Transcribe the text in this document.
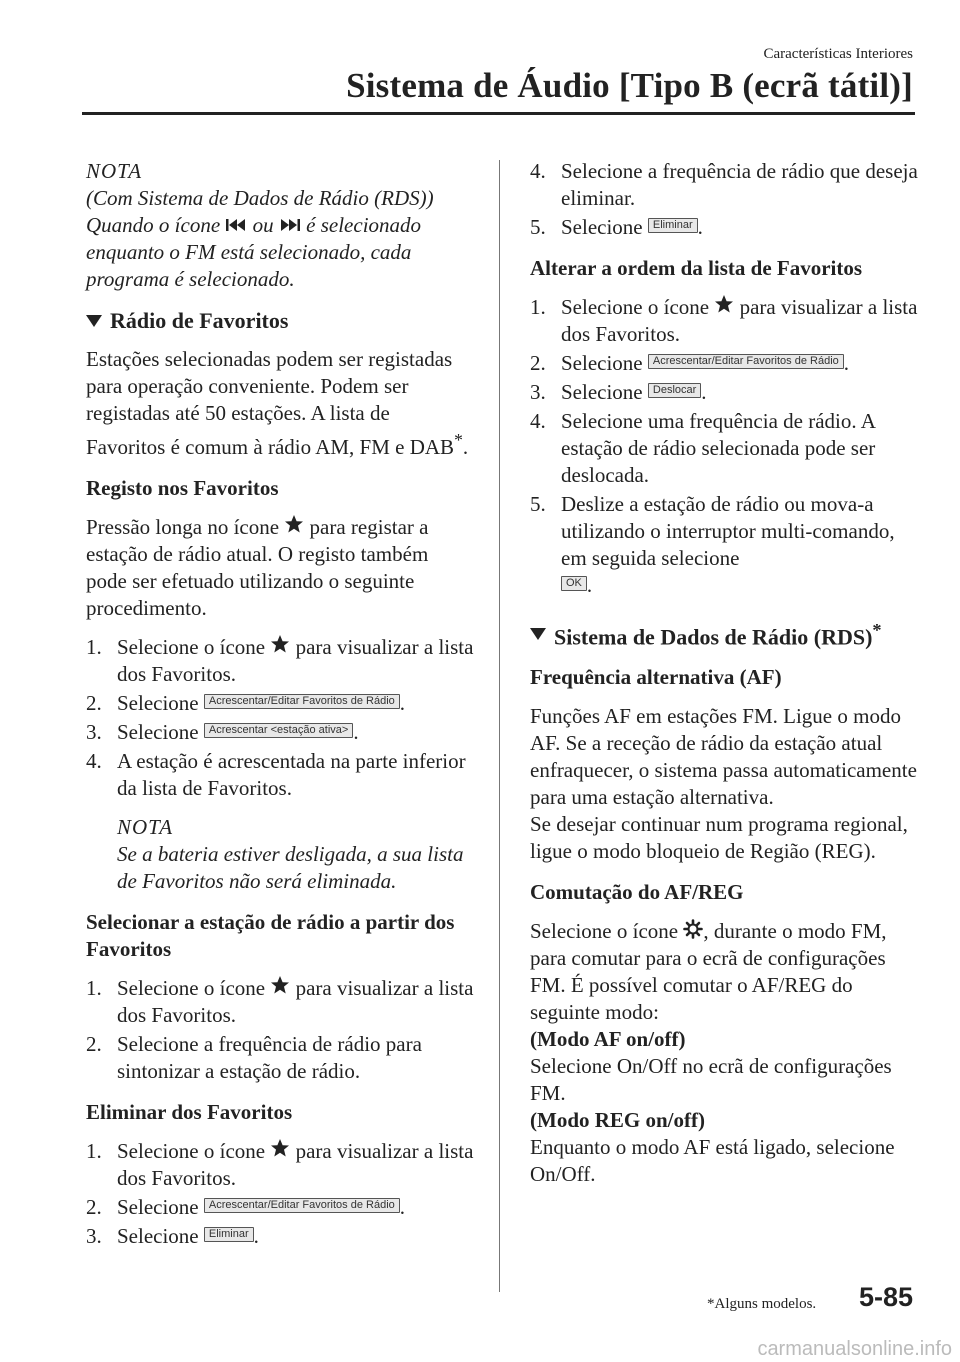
Características Interiores
Sistema de Áudio [Tipo B (ecrã tátil)]
NOTA
(Com Sistema de Dados de Rádio (RDS))
Quando o ícone ou é selecionado
enquanto o FM está selecionado, cada
programa é selecionado.
Rádio de Favoritos

Estações selecionadas podem ser registadas para operação conveniente. Podem ser registadas até 50 estações. A lista de Favoritos é comum à rádio AM, FM e DAB*.

Registo nos Favoritos

Pressão longa no ícone para registar a estação de rádio atual. O registo também pode ser efetuado utilizando o seguinte procedimento.

1. Selecione o ícone para visualizar a lista dos Favoritos.
2. Selecione Acrescentar/Editar Favoritos de Rádio .
3. Selecione Acrescentar <estação ativa> .
4. A estação é acrescentada na parte inferior da lista de Favoritos.
NOTA
Se a bateria estiver desligada, a sua lista de Favoritos não será eliminada.
Selecionar a estação de rádio a partir dos Favoritos
1. Selecione o ícone para visualizar a lista dos Favoritos.
2. Selecione a frequência de rádio para sintonizar a estação de rádio.
Eliminar dos Favoritos
1. Selecione o ícone para visualizar a lista dos Favoritos.
2. Selecione Acrescentar/Editar Favoritos de Rádio .
3. Selecione Eliminar .
4. Selecione a frequência de rádio que deseja eliminar.
5. Selecione Eliminar .
Alterar a ordem da lista de Favoritos
1. Selecione o ícone para visualizar a lista dos Favoritos.
2. Selecione Acrescentar/Editar Favoritos de Rádio .
3. Selecione Deslocar .
4. Selecione uma frequência de rádio. A estação de rádio selecionada pode ser deslocada.
5. Deslize a estação de rádio ou mova-a utilizando o interruptor multi-comando, em seguida selecione
OK .
Sistema de Dados de Rádio (RDS)*
Frequência alternativa (AF)
Funções AF em estações FM. Ligue o modo AF. Se a receção de rádio da estação atual enfraquecer, o sistema passa automaticamente para uma estação alternativa.

Se desejar continuar num programa regional, ligue o modo bloqueio de Região (REG).

Comutação do AF/REG
Selecione o ícone , durante o modo FM, para comutar para o ecrã de configurações FM. É possível comutar o AF/REG do seguinte modo:
(Modo AF on/off)
Selecione On/Off no ecrã de configurações FM.
(Modo REG on/off)
Enquanto o modo AF está ligado, selecione On/Off.
*Alguns modelos. 5-85
carmanualsonline.info
